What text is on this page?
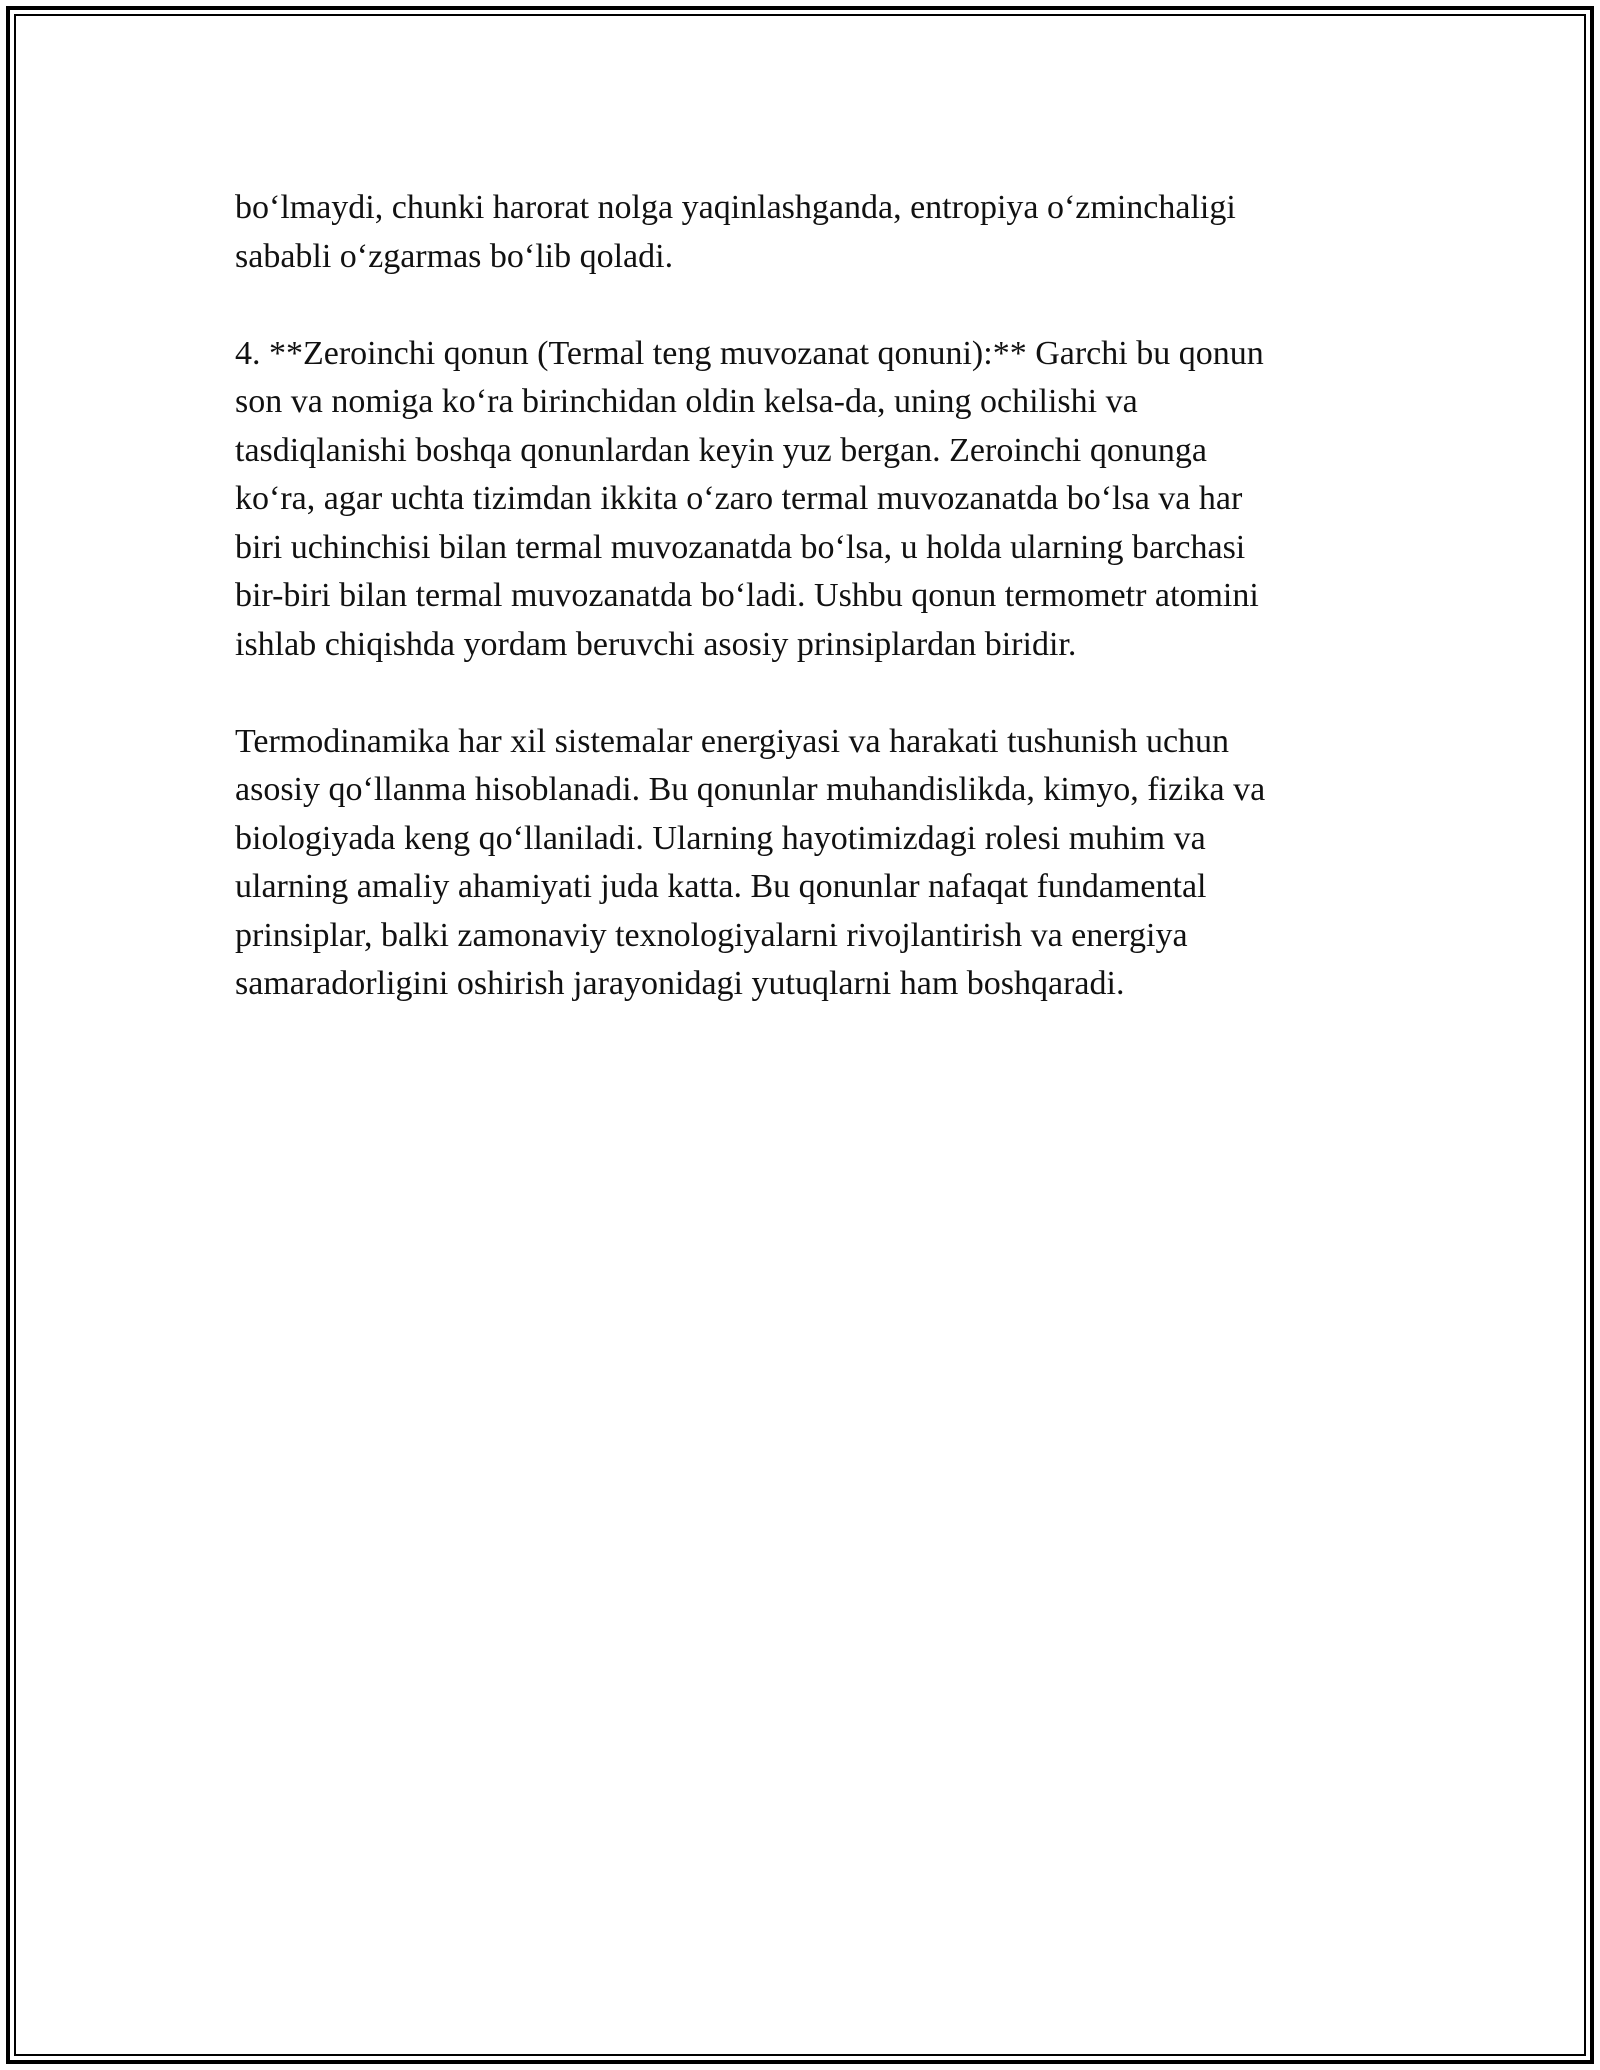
bo‘lmaydi, chunki harorat nolga yaqinlashganda, entropiya o‘zminchaligi
sababli o‘zgarmas bo‘lib qoladi.

4. **Zeroinchi qonun (Termal teng muvozanat qonuni):** Garchi bu qonun
son va nomiga ko‘ra birinchidan oldin kelsa-da, uning ochilishi va
tasdiqlanishi boshqa qonunlardan keyin yuz bergan. Zeroinchi qonunga
ko‘ra, agar uchta tizimdan ikkita o‘zaro termal muvozanatda bo‘lsa va har
biri uchinchisi bilan termal muvozanatda bo‘lsa, u holda ularning barchasi
bir-biri bilan termal muvozanatda bo‘ladi. Ushbu qonun termometr atomini
ishlab chiqishda yordam beruvchi asosiy prinsiplardan biridir.

Termodinamika har xil sistemalar energiyasi va harakati tushunish uchun
asosiy qo‘llanma hisoblanadi. Bu qonunlar muhandislikda, kimyo, fizika va
biologiyada keng qo‘llaniladi. Ularning hayotimizdagi rolesi muhim va
ularning amaliy ahamiyati juda katta. Bu qonunlar nafaqat fundamental
prinsiplar, balki zamonaviy texnologiyalarni rivojlantirish va energiya
samaradorligini oshirish jarayonidagi yutuqlarni ham boshqaradi.
